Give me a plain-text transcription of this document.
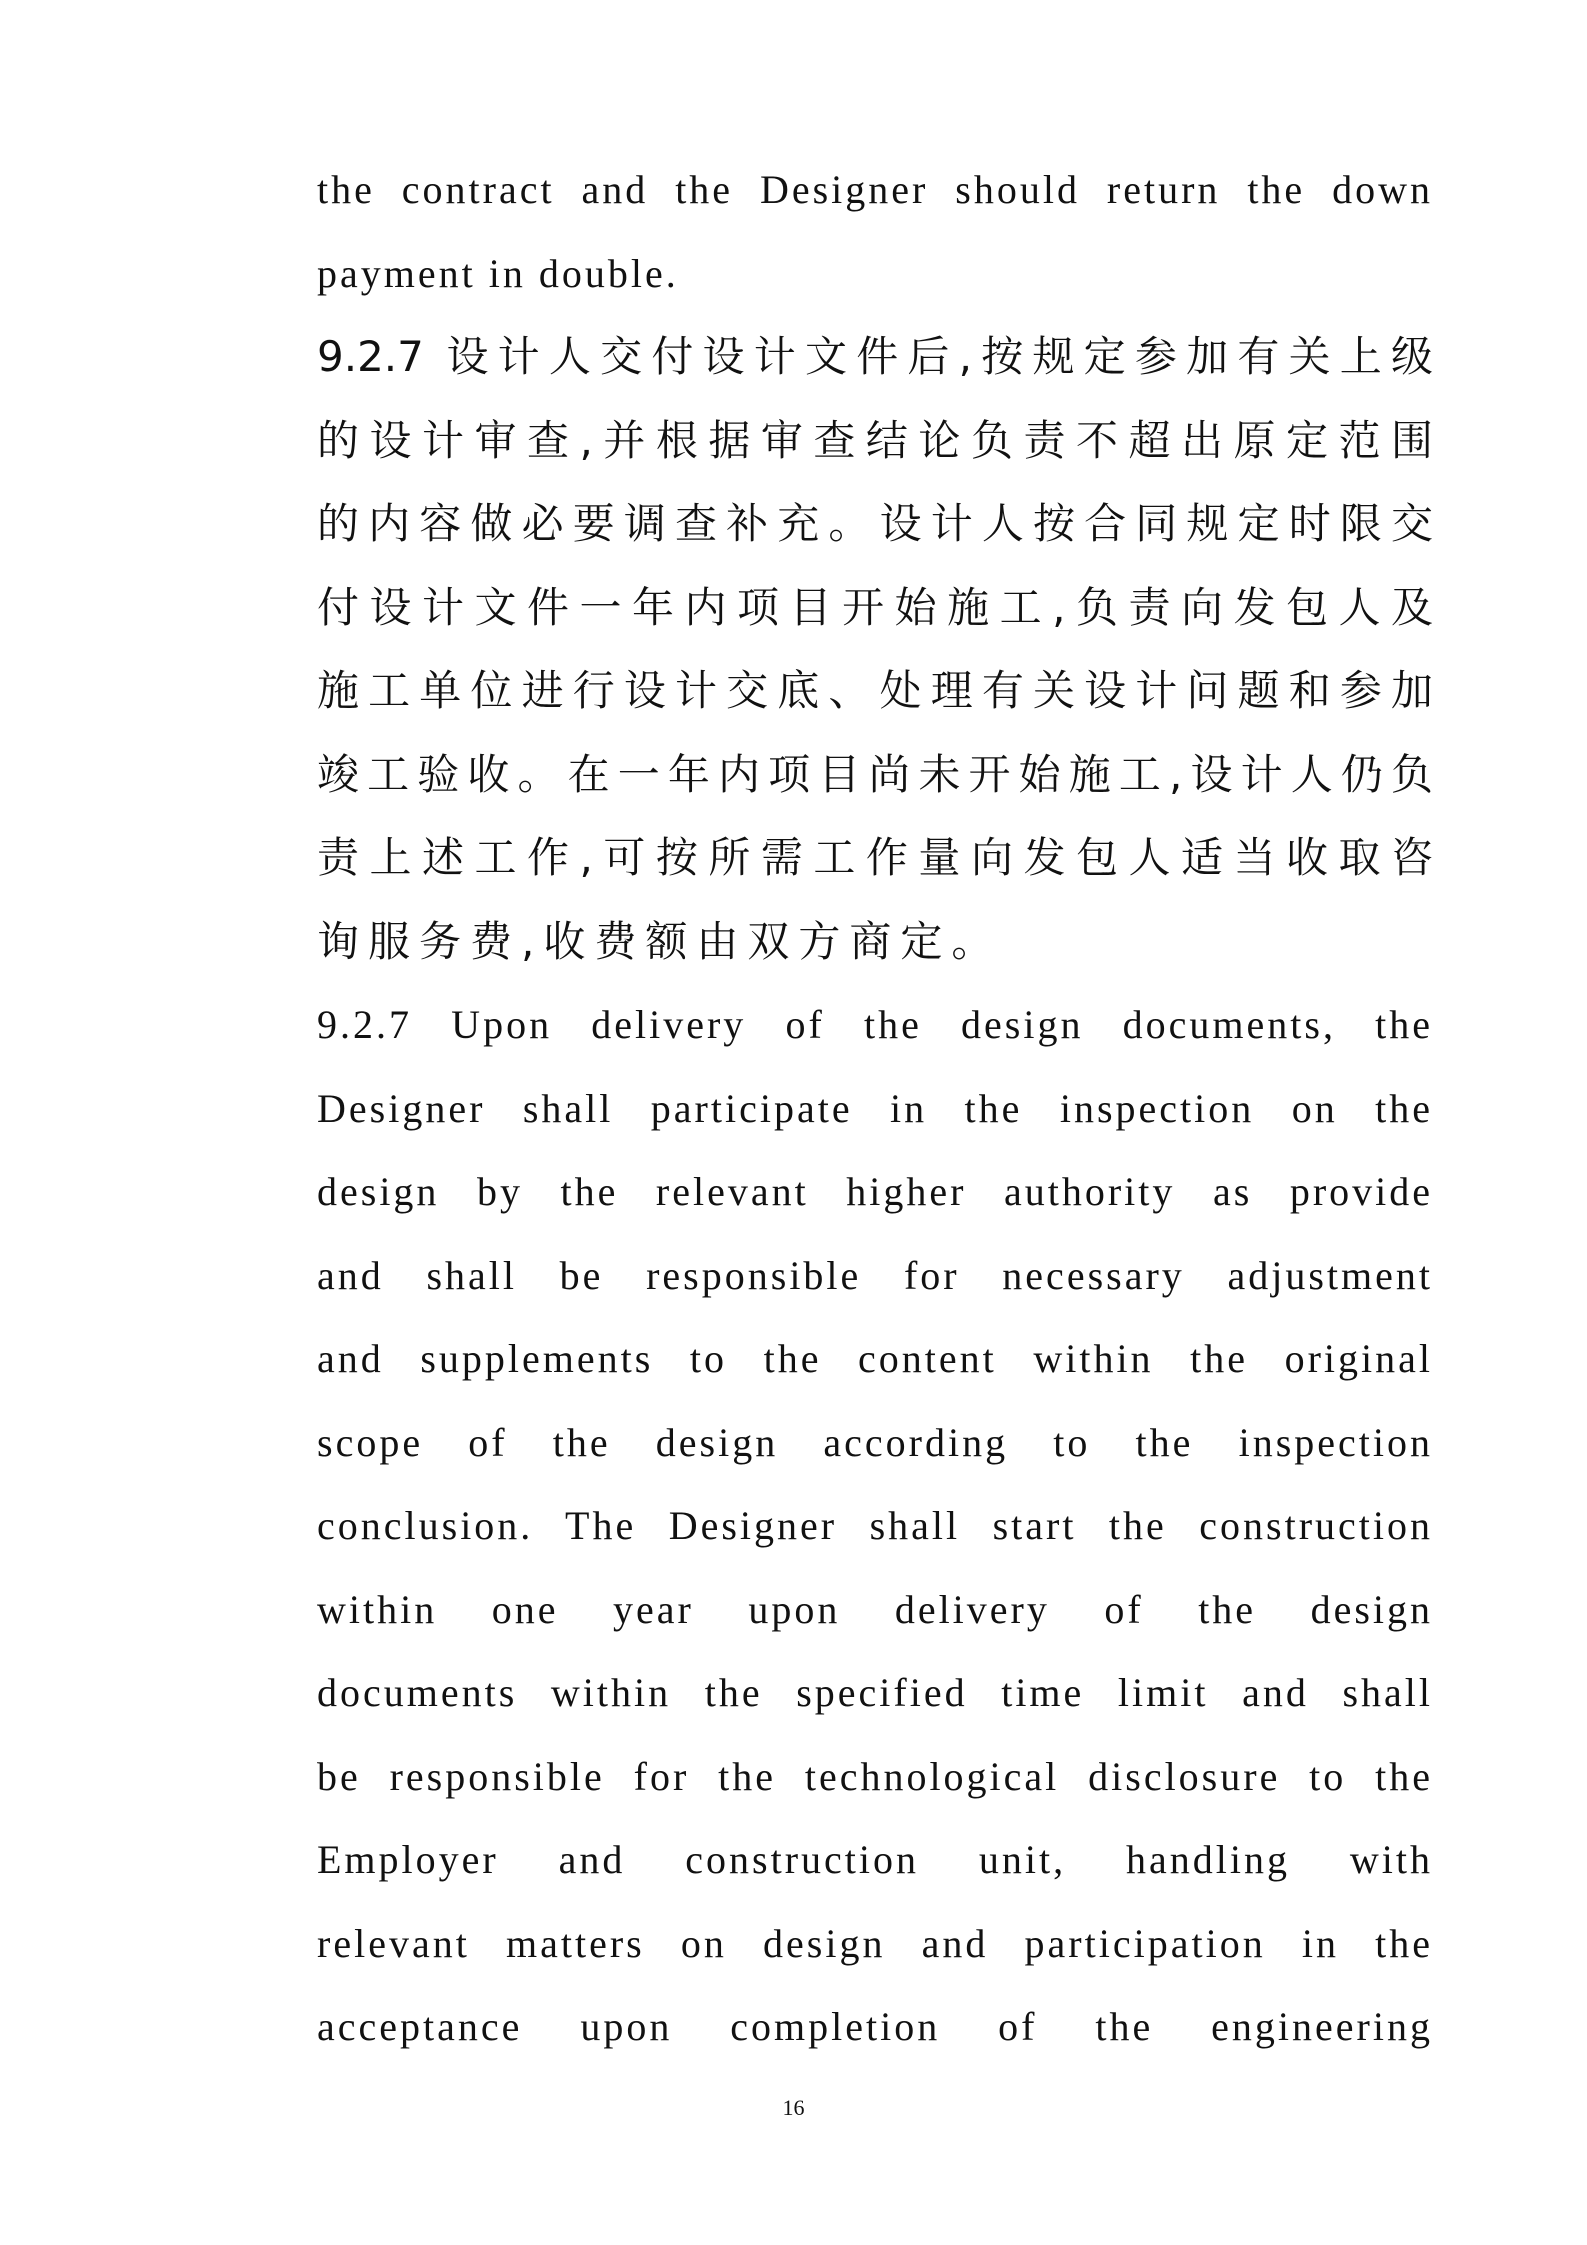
the contract and the Designer should return the down
payment in double.
9.2.7 设计人交付设计文件后,按规定参加有关上级
的设计审查,并根据审查结论负责不超出原定范围
的内容做必要调查补充。设计人按合同规定时限交
付设计文件一年内项目开始施工,负责向发包人及
施工单位进行设计交底、处理有关设计问题和参加
竣工验收。在一年内项目尚未开始施工,设计人仍负
责上述工作,可按所需工作量向发包人适当收取咨
询服务费,收费额由双方商定。
9.2.7 Upon delivery of the design documents, the
Designer shall participate in the inspection on the
design by the relevant higher authority as provide
and shall be responsible for necessary adjustment
and supplements to the content within the original
scope of the design according to the inspection
conclusion. The Designer shall start the construction
within one year upon delivery of the design
documents within the specified time limit and shall
be responsible for the technological disclosure to the
Employer and construction unit, handling with
relevant matters on design and participation in the
acceptance upon completion of the engineering
16
